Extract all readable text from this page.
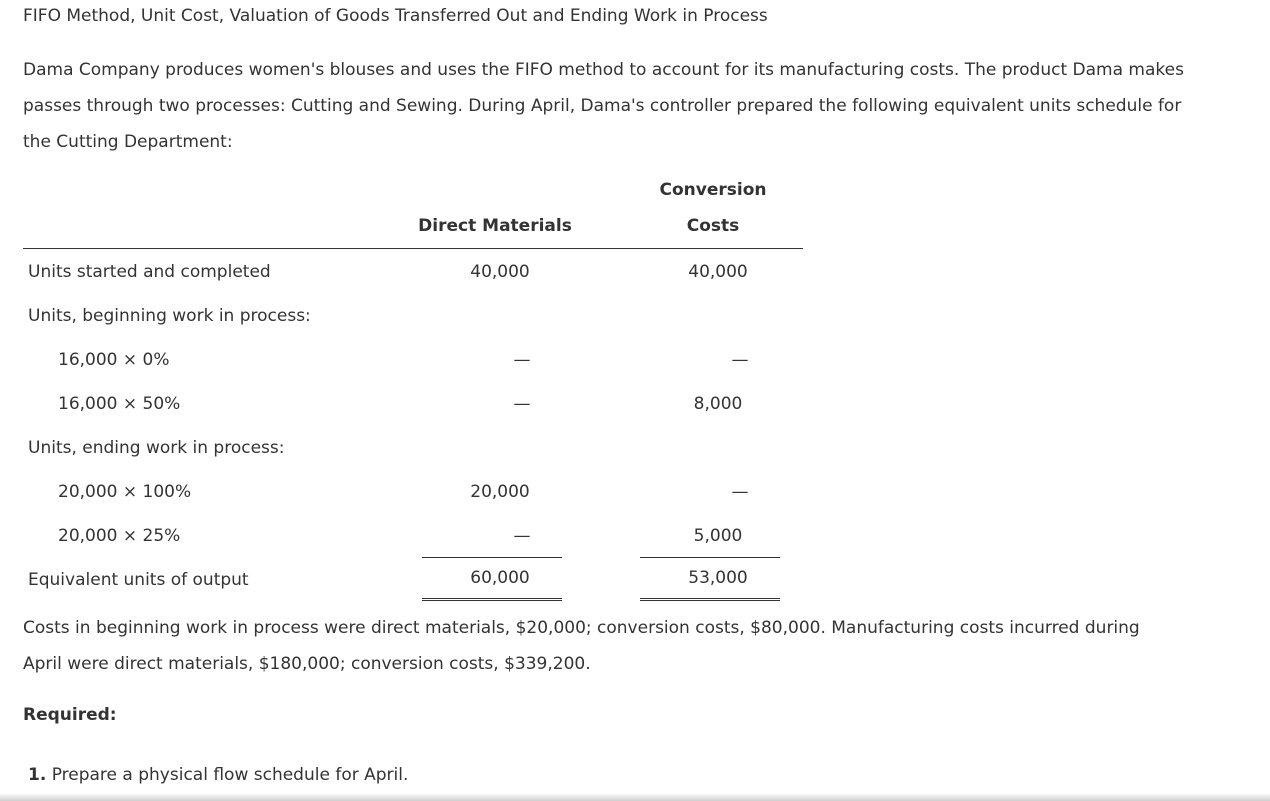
FIFO Method, Unit Cost, Valuation of Goods Transferred Out and Ending Work in Process

Dama Company produces women's blouses and uses the FIFO method to account for its manufacturing costs. The product Dama makes

passes through two processes: Cutting and Sewing. During April, Dama's controller prepared the following equivalent units schedule for

the Cutting Department:

Conversion
Direct Materials	Costs
Units started and completed	40,000	40,000
Units, beginning work in process:
16,000 × 0%	—	—
16,000 × 50%	—	8,000
Units, ending work in process:
20,000 × 100%	20,000	—
20,000 × 25%	—	5,000
Equivalent units of output	60,000	53,000

Costs in beginning work in process were direct materials, $20,000; conversion costs, $80,000. Manufacturing costs incurred during

April were direct materials, $180,000; conversion costs, $339,200.

Required:
1. Prepare a physical flow schedule for April.
